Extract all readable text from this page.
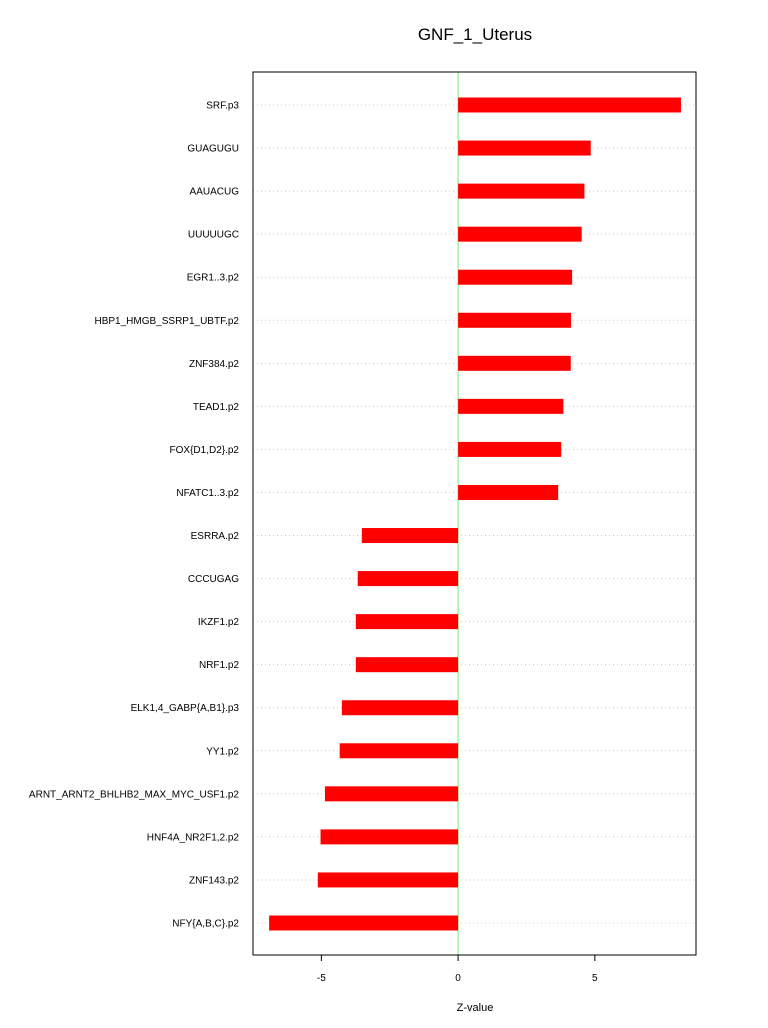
GNF_1_Uterus
SRF.p3
GUAGUGU
AAUACUG
UUUUUGC
EGR1..3.p2
HBP1_HMGB_SSRP1_UBTF.p2
ZNF384.p2
TEAD1.p2
FOX{D1,D2}.p2
NFATC1..3.p2
ESRRA.p2
CCCUGAG
IKZF1.p2
NRF1.p2
ELK1,4_GABP{A,B1}.p3
YY1.p2
ARNT_ARNT2_BHLHB2_MAX_MYC_USF1.p2
HNF4A_NR2F1,2.p2
ZNF143.p2
NFY{A,B,C}.p2
-5	0	5
Z-value
